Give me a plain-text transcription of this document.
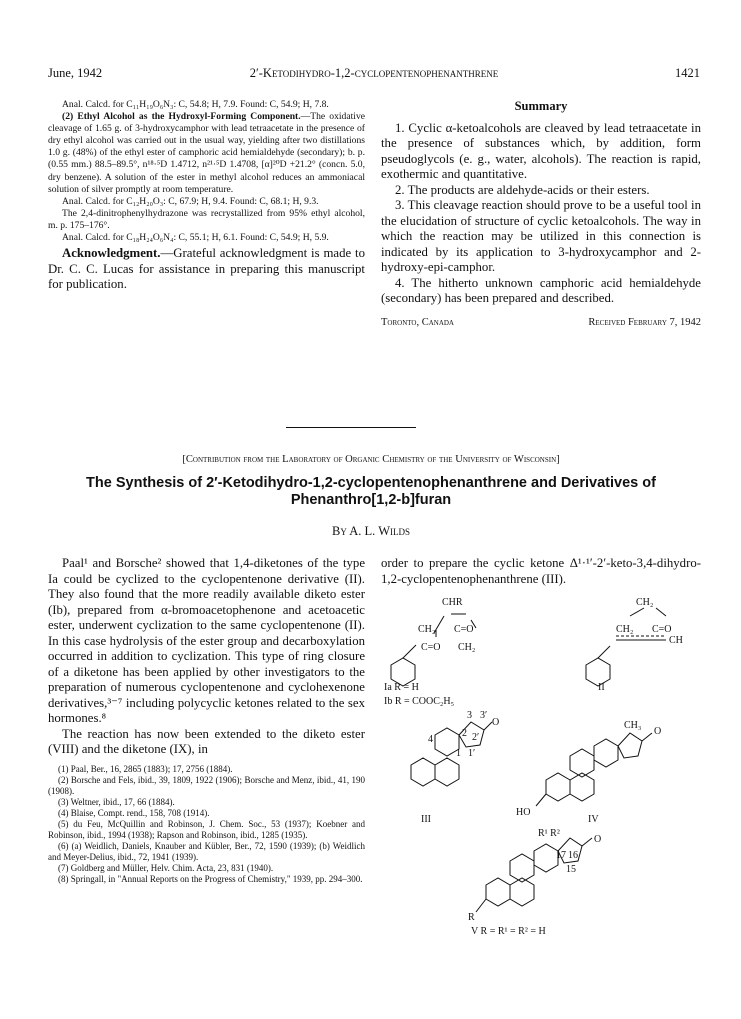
June, 1942	2′-Ketodihydro-1,2-cyclopentenophenanthrene	1421

Anal. Calcd. for C₁₁H₁₉O₆N₃: C, 54.8; H, 7.9. Found: C, 54.9; H, 7.8.

(2) Ethyl Alcohol as the Hydroxyl-Forming Component.—The oxidative cleavage of 1.65 g. of 3-hydroxycamphor with lead tetraacetate in the presence of dry ethyl alcohol was carried out in the usual way, yielding after two distillations 1.0 g. (48%) of the ethyl ester of camphoric acid hemialdehyde (secondary); b. p. (0.55 mm.) 88.5–89.5°, n¹⁸·⁵D 1.4712, n²¹·⁵D 1.4708, [α]²⁰D +21.2° (concn. 5.0, dry benzene). A solution of the ester in methyl alcohol reduces an ammoniacal solution of silver promptly at room temperature.

Anal. Calcd. for C₁₂H₂₀O₃: C, 67.9; H, 9.4. Found: C, 68.1; H, 9.3.

The 2,4-dinitrophenylhydrazone was recrystallized from 95% ethyl alcohol, m. p. 175–176°.

Anal. Calcd. for C₁₈H₂₄O₆N₄: C, 55.1; H, 6.1. Found: C, 54.9; H, 5.9.

Acknowledgment.—Grateful acknowledgment is made to Dr. C. C. Lucas for assistance in preparing this manuscript for publication.

Summary

1. Cyclic α-ketoalcohols are cleaved by lead tetraacetate in the presence of substances which, by addition, form pseudoglycols (e. g., water, alcohols). The reaction is rapid, exothermic and quantitative.

2. The products are aldehyde-acids or their esters.

3. This cleavage reaction should prove to be a useful tool in the elucidation of structure of cyclic ketoalcohols. The way in which the reaction may be utilized in this connection is indicated by its application to 3-hydroxycamphor and 2-hydroxy-epi-camphor.

4. The hitherto unknown camphoric acid hemialdehyde (secondary) has been prepared and described.

Toronto, Canada	Received February 7, 1942
[Contribution from the Laboratory of Organic Chemistry of the University of Wisconsin]
The Synthesis of 2′-Ketodihydro-1,2-cyclopentenophenanthrene and Derivatives of
Phenanthro[1,2-b]furan
By A. L. Wilds

Paal¹ and Borsche² showed that 1,4-diketones of the type Ia could be cyclized to the cyclopentenone derivative (II). They also found that the more readily available diketo ester (Ib), prepared from α-bromoacetophenone and acetoacetic ester, underwent cyclization to the same cyclopentenone (II). In this case hydrolysis of the ester group and decarboxylation occurred in addition to cyclization. This type of ring closure of a diketone has been applied by other investigators to the preparation of numerous cyclopentenone and cyclohexenone derivatives,³⁻⁷ including polycyclic ketones related to the sex hormones.⁸

The reaction has now been extended to the diketo ester (VIII) and the diketone (IX), in

(1) Paal, Ber., 16, 2865 (1883); 17, 2756 (1884).

(2) Borsche and Fels, ibid., 39, 1809, 1922 (1906); Borsche and Menz, ibid., 41, 190 (1908).

(3) Weltner, ibid., 17, 66 (1884).

(4) Blaise, Compt. rend., 158, 708 (1914).

(5) du Feu, McQuillin and Robinson, J. Chem. Soc., 53 (1937); Koebner and Robinson, ibid., 1994 (1938); Rapson and Robinson, ibid., 1285 (1935).

(6) (a) Weidlich, Daniels, Knauber and Kübler, Ber., 72, 1590 (1939); (b) Weidlich and Meyer-Delius, ibid., 72, 1941 (1939).

(7) Goldberg and Müller, Helv. Chim. Acta, 23, 831 (1940).

(8) Springall, in "Annual Reports on the Progress of Chemistry," 1939, pp. 294–300.

order to prepare the cyclic ketone Δ¹·¹′-2′-keto-3,4-dihydro-1,2-cyclopentenophenanthrene (III).
CHR
CH₂ C=O
C=O CH₂
Ia R = H
Ib R = COOC₂H₅
CH₂
CH₂ C=O
CH
II
3 3′
4
2 2′
1 1′
O
III
CH₃
O
HO
IV
R¹ R²
O
17 16
15
R
V R = R¹ = R² = H
